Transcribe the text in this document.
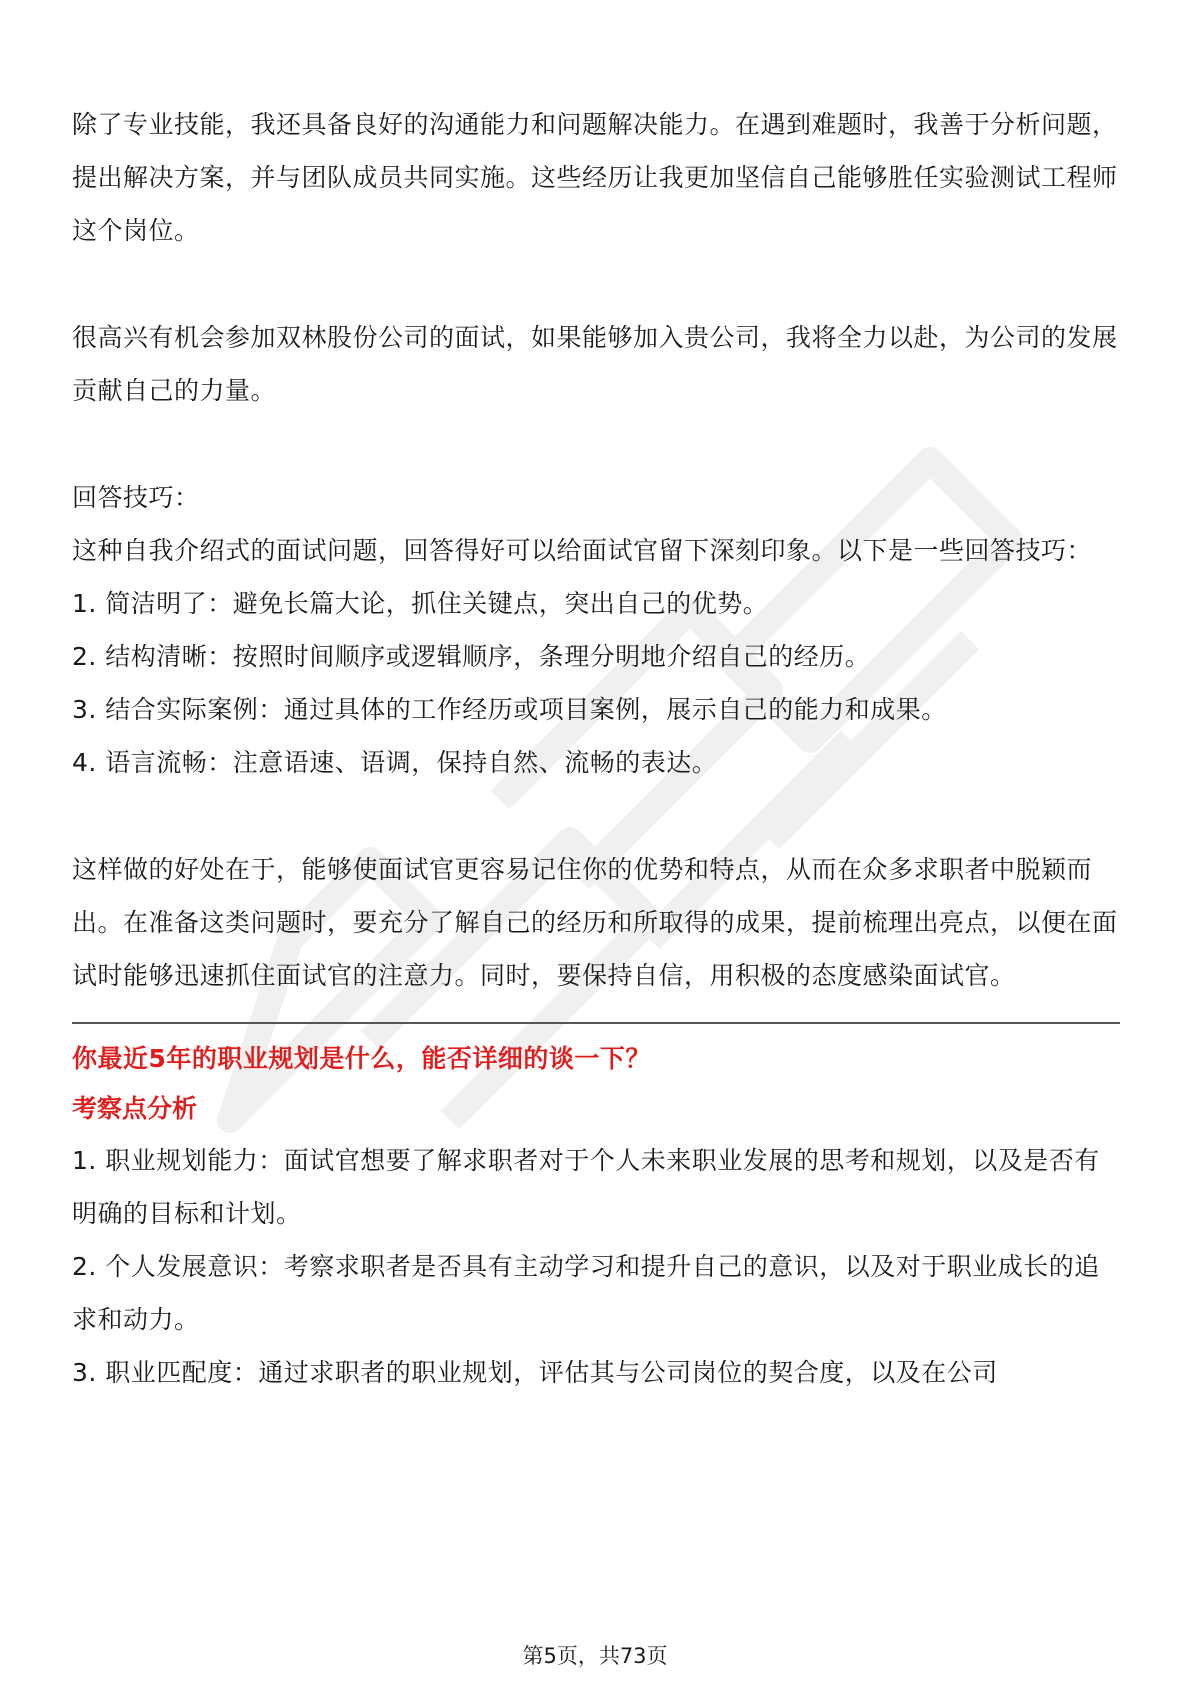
除了专业技能，我还具备良好的沟通能力和问题解决能力。在遇到难题时，我善于分析问题，提出解决方案，并与团队成员共同实施。这些经历让我更加坚信自己能够胜任实验测试工程师这个岗位。

很高兴有机会参加双林股份公司的面试，如果能够加入贵公司，我将全力以赴，为公司的发展贡献自己的力量。

回答技巧：

这种自我介绍式的面试问题，回答得好可以给面试官留下深刻印象。以下是一些回答技巧：

1. 简洁明了：避免长篇大论，抓住关键点，突出自己的优势。

2. 结构清晰：按照时间顺序或逻辑顺序，条理分明地介绍自己的经历。

3. 结合实际案例：通过具体的工作经历或项目案例，展示自己的能力和成果。

4. 语言流畅：注意语速、语调，保持自然、流畅的表达。

这样做的好处在于，能够使面试官更容易记住你的优势和特点，从而在众多求职者中脱颖而出。在准备这类问题时，要充分了解自己的经历和所取得的成果，提前梳理出亮点，以便在面试时能够迅速抓住面试官的注意力。同时，要保持自信，用积极的态度感染面试官。

你最近5年的职业规划是什么，能否详细的谈一下？

考察点分析

1. 职业规划能力：面试官想要了解求职者对于个人未来职业发展的思考和规划，以及是否有明确的目标和计划。

2. 个人发展意识：考察求职者是否具有主动学习和提升自己的意识，以及对于职业成长的追求和动力。

3. 职业匹配度：通过求职者的职业规划，评估其与公司岗位的契合度，以及在公司

第5页，共73页
